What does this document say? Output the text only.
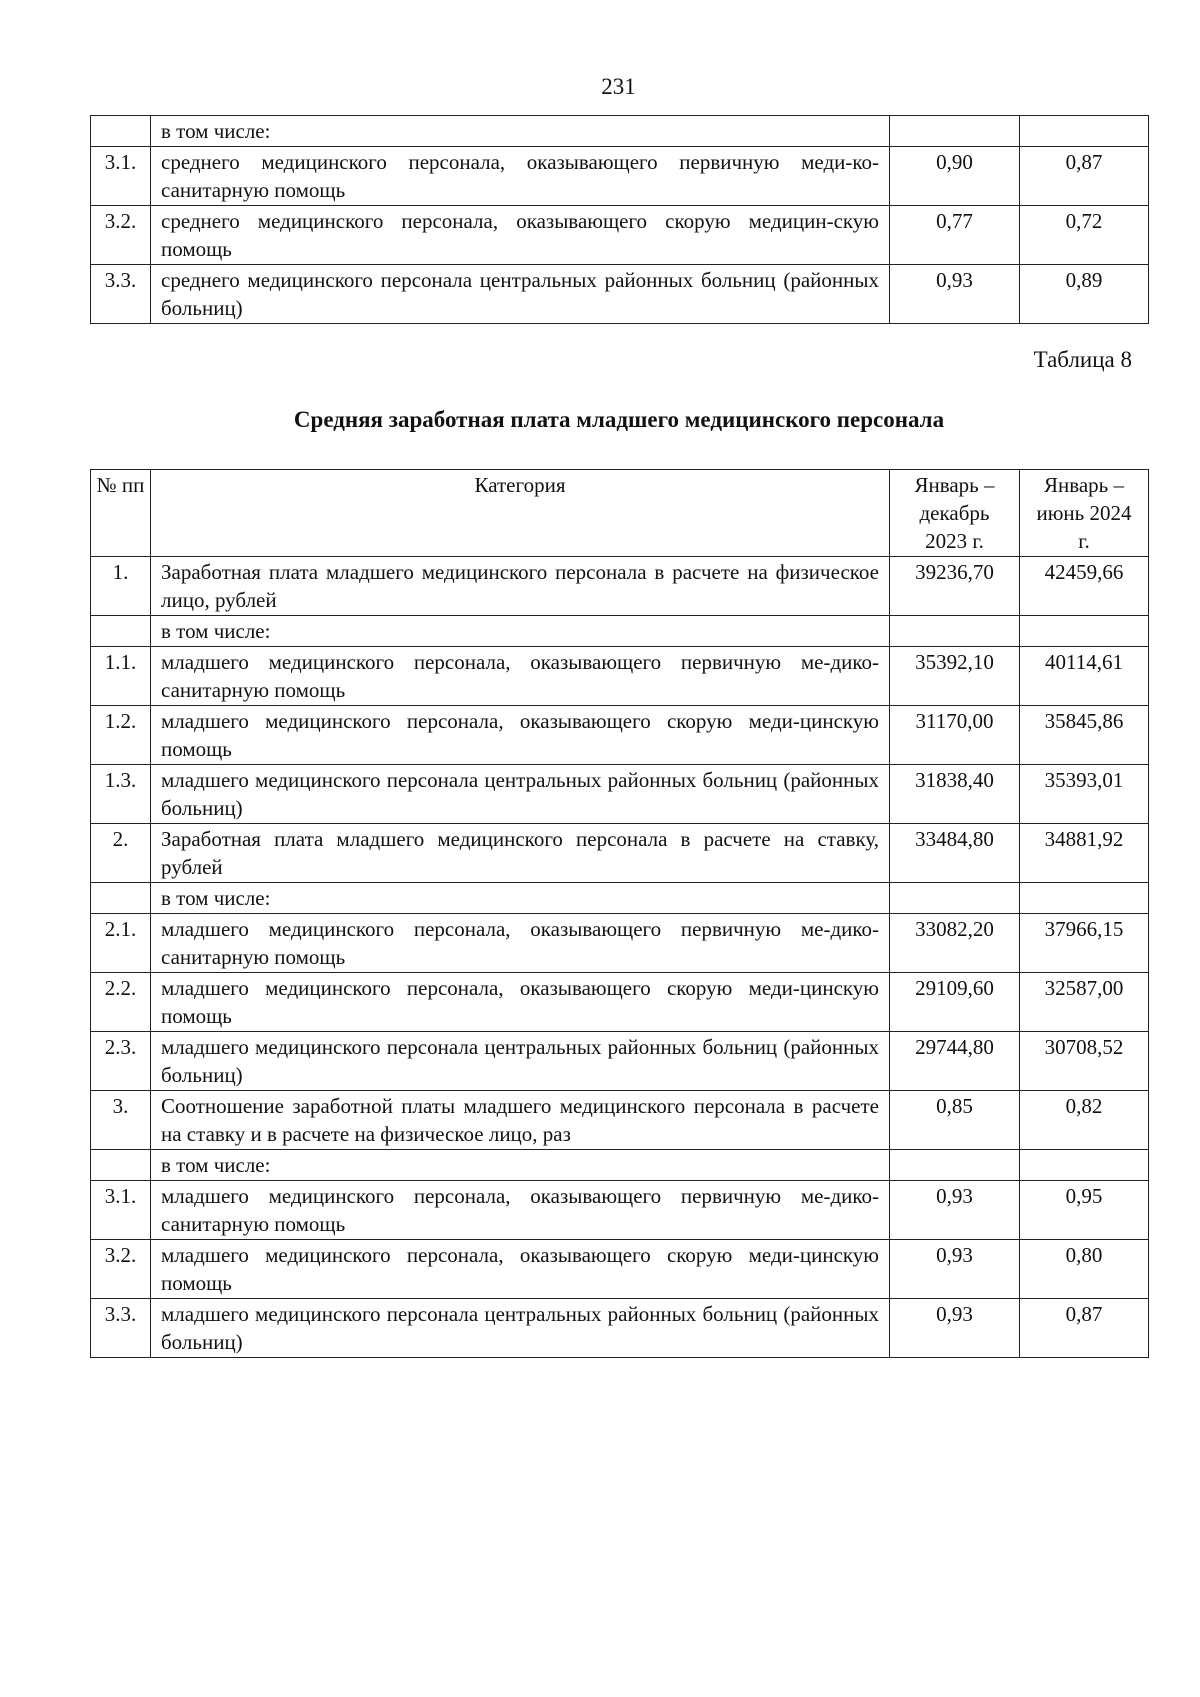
231
	в том числе:		
3.1.	среднего медицинского персонала, оказывающего первичную меди-ко-санитарную помощь	0,90	0,87
3.2.	среднего медицинского персонала, оказывающего скорую медицин-скую помощь	0,77	0,72
3.3.	среднего медицинского персонала центральных районных больниц (районных больниц)	0,93	0,89
Таблица 8
Средняя заработная плата младшего медицинского персонала
№ пп	Категория	Январь – декабрь 2023 г.	Январь – июнь 2024 г.
1.	Заработная плата младшего медицинского персонала в расчете на физическое лицо, рублей	39236,70	42459,66
	в том числе:		
1.1.	младшего медицинского персонала, оказывающего первичную ме-дико-санитарную помощь	35392,10	40114,61
1.2.	младшего медицинского персонала, оказывающего скорую меди-цинскую помощь	31170,00	35845,86
1.3.	младшего медицинского персонала центральных районных больниц (районных больниц)	31838,40	35393,01
2.	Заработная плата младшего медицинского персонала в расчете на ставку, рублей	33484,80	34881,92
	в том числе:		
2.1.	младшего медицинского персонала, оказывающего первичную ме-дико-санитарную помощь	33082,20	37966,15
2.2.	младшего медицинского персонала, оказывающего скорую меди-цинскую помощь	29109,60	32587,00
2.3.	младшего медицинского персонала центральных районных больниц (районных больниц)	29744,80	30708,52
3.	Соотношение заработной платы младшего медицинского персонала в расчете на ставку и в расчете на физическое лицо, раз	0,85	0,82
	в том числе:		
3.1.	младшего медицинского персонала, оказывающего первичную ме-дико-санитарную помощь	0,93	0,95
3.2.	младшего медицинского персонала, оказывающего скорую меди-цинскую помощь	0,93	0,80
3.3.	младшего медицинского персонала центральных районных больниц (районных больниц)	0,93	0,87
